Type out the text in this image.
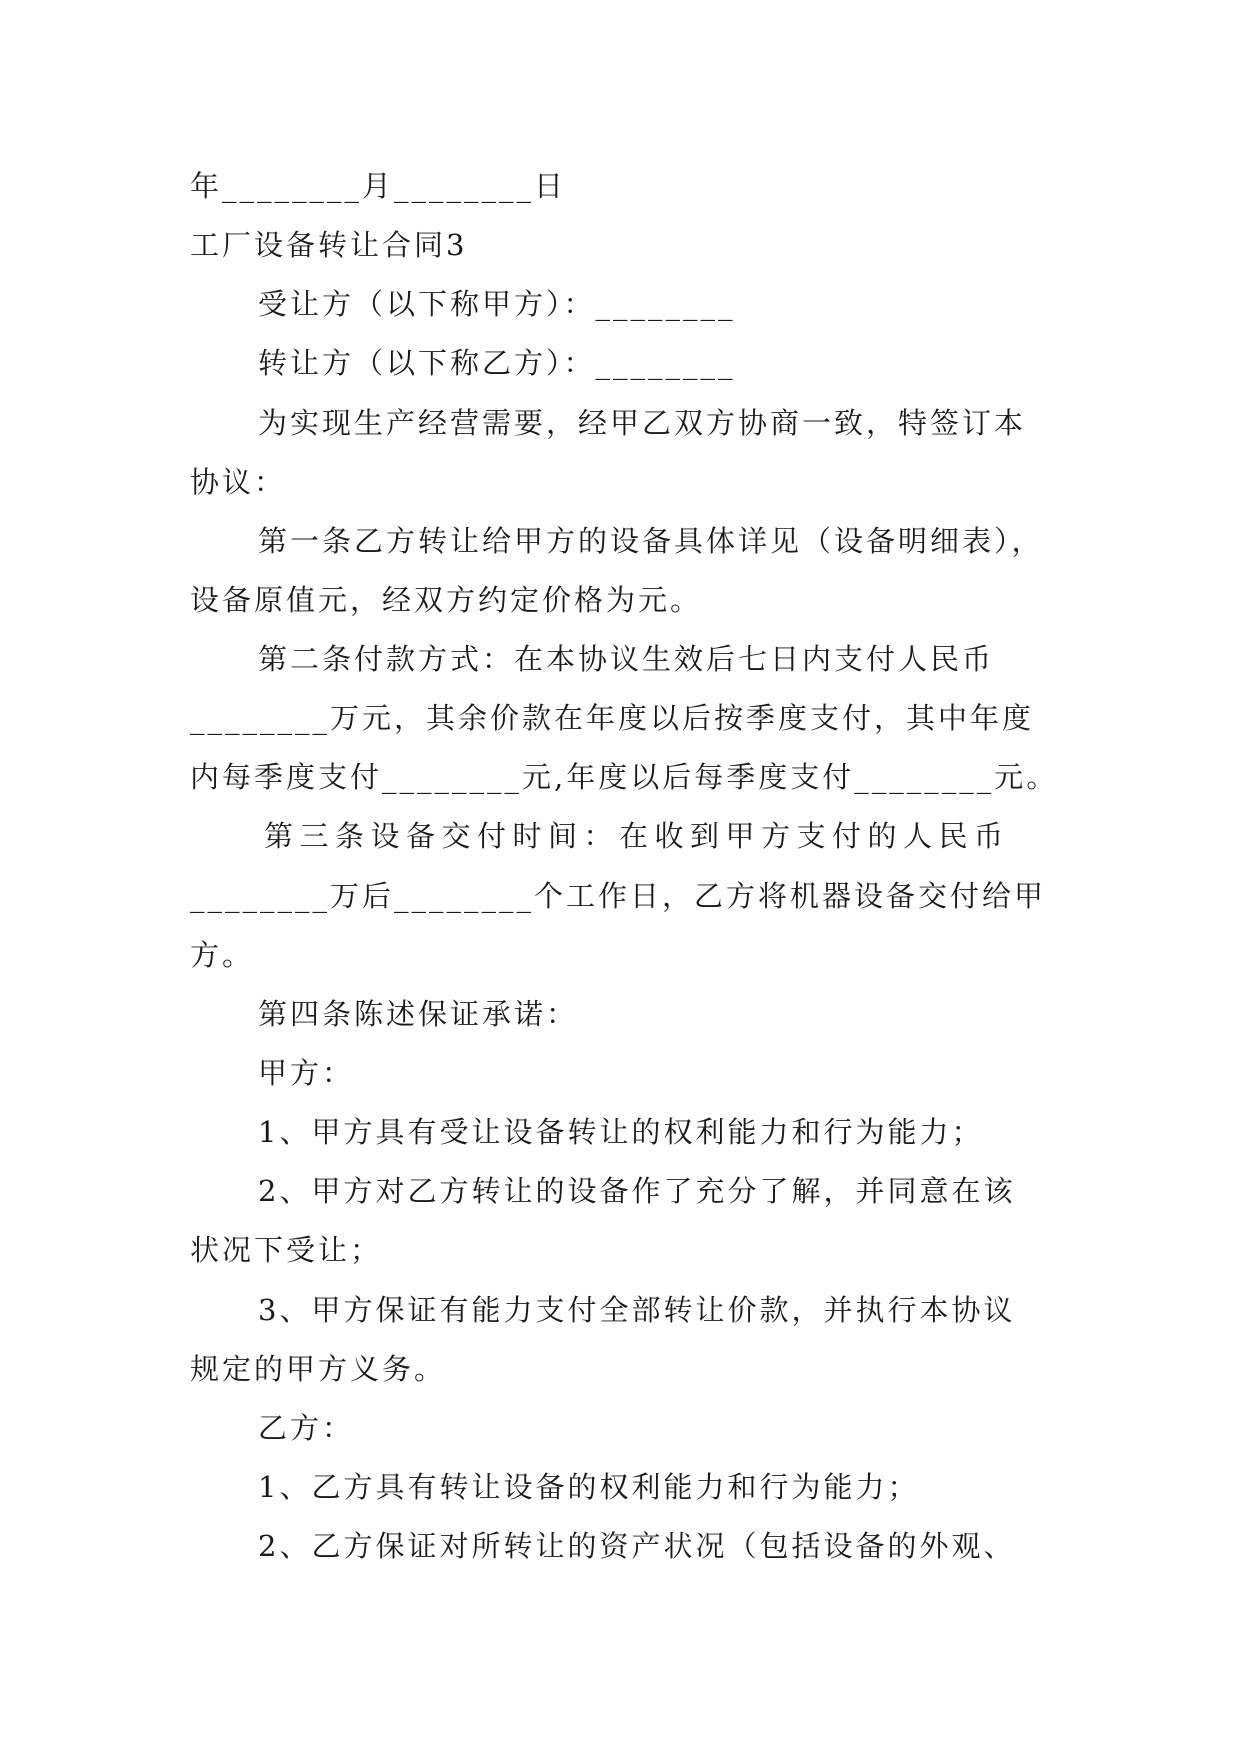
年________月________日
工厂设备转让合同3
受让方（以下称甲方）：________
转让方（以下称乙方）：________
为实现生产经营需要，经甲乙双方协商一致，特签订本
协议：
第一条乙方转让给甲方的设备具体详见（设备明细表），
设备原值元，经双方约定价格为元。
第二条付款方式：在本协议生效后七日内支付人民币
________万元，其余价款在年度以后按季度支付，其中年度
内每季度支付________元,年度以后每季度支付________元。
第三条设备交付时间：在收到甲方支付的人民币
________万后________个工作日，乙方将机器设备交付给甲
方。
第四条陈述保证承诺：
甲方：
1、甲方具有受让设备转让的权利能力和行为能力；
2、甲方对乙方转让的设备作了充分了解，并同意在该
状况下受让；
3、甲方保证有能力支付全部转让价款，并执行本协议
规定的甲方义务。
乙方：
1、乙方具有转让设备的权利能力和行为能力；
2、乙方保证对所转让的资产状况（包括设备的外观、
